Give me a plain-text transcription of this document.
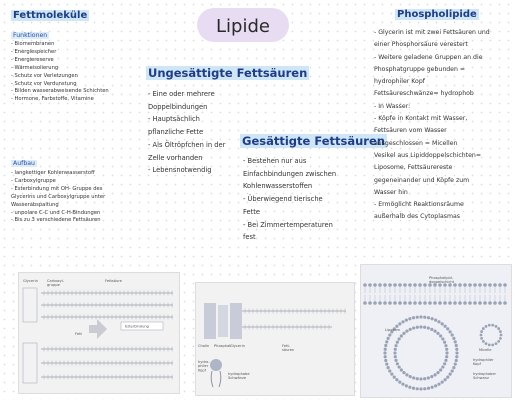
Lipide
Fettmoleküle
Funktionen
- Biomembranen
- Energiespeicher
- Energiereserve
- Wärmeisolierung
- Schutz vor Verletzungen
- Schutz vor Verdunstung
- Bilden wasserabweisende Schichten
- Hormone, Farbstoffe, Vitamine
Aufbau
- langkettiger Kohlenwasserstoff
- Carboxylgruppe
- Esterbindung mit OH- Gruppe des
Glycerins und Carboxylgruppe unter
Wasserabspaltung
- unpolare C-C und C-H-Bindungen
- Bis zu 3 verschiedene Fettsäuren
Ungesättigte Fettsäuren
- Eine oder mehrere
Doppelbindungen
- Hauptsächlich
pflanzliche Fette
- Als Öltröpfchen in der
Zelle vorhanden
- Lebensnotwendig
Gesättigte Fettsäuren
- Bestehen nur aus
Einfachbindungen zwischen
Kohlenwasserstoffen
- Überwiegend tierische
Fette
- Bei Zimmertemperaturen
fest
Phospholipide
- Glycerin ist mit zwei Fettsäuren und
einer Phosphorsäure verestert
- Weitere geladene Gruppen an die
Phosphatgruppe gebunden =
hydrophiler Kopf
Fettsäureschwänze= hydrophob
- In Wasser:
- Köpfe in Kontakt mit Wasser,
Fettsäuren vom Wasser
ausgeschlossen = Micellen
Vesikel aus Lipiddoppelschichten=
Liposome, Fettsäurereste
gegeneinander und Köpfe zum
Wasser hin
- Ermöglicht Reaktionsräume
außerhalb des Cytoplasmas
Glycerin	Carboxyl-gruppe
Fettsäure
Fett
Esterbindung
Cholin Phosphat Glycerin	Fett-säuren
hydro-philer Kopf
hydrophobe Schwänze
Phospholipid-doppelschicht
Liposom
Micelle
hydrophiler Kopf
hydrophober Schwanz
